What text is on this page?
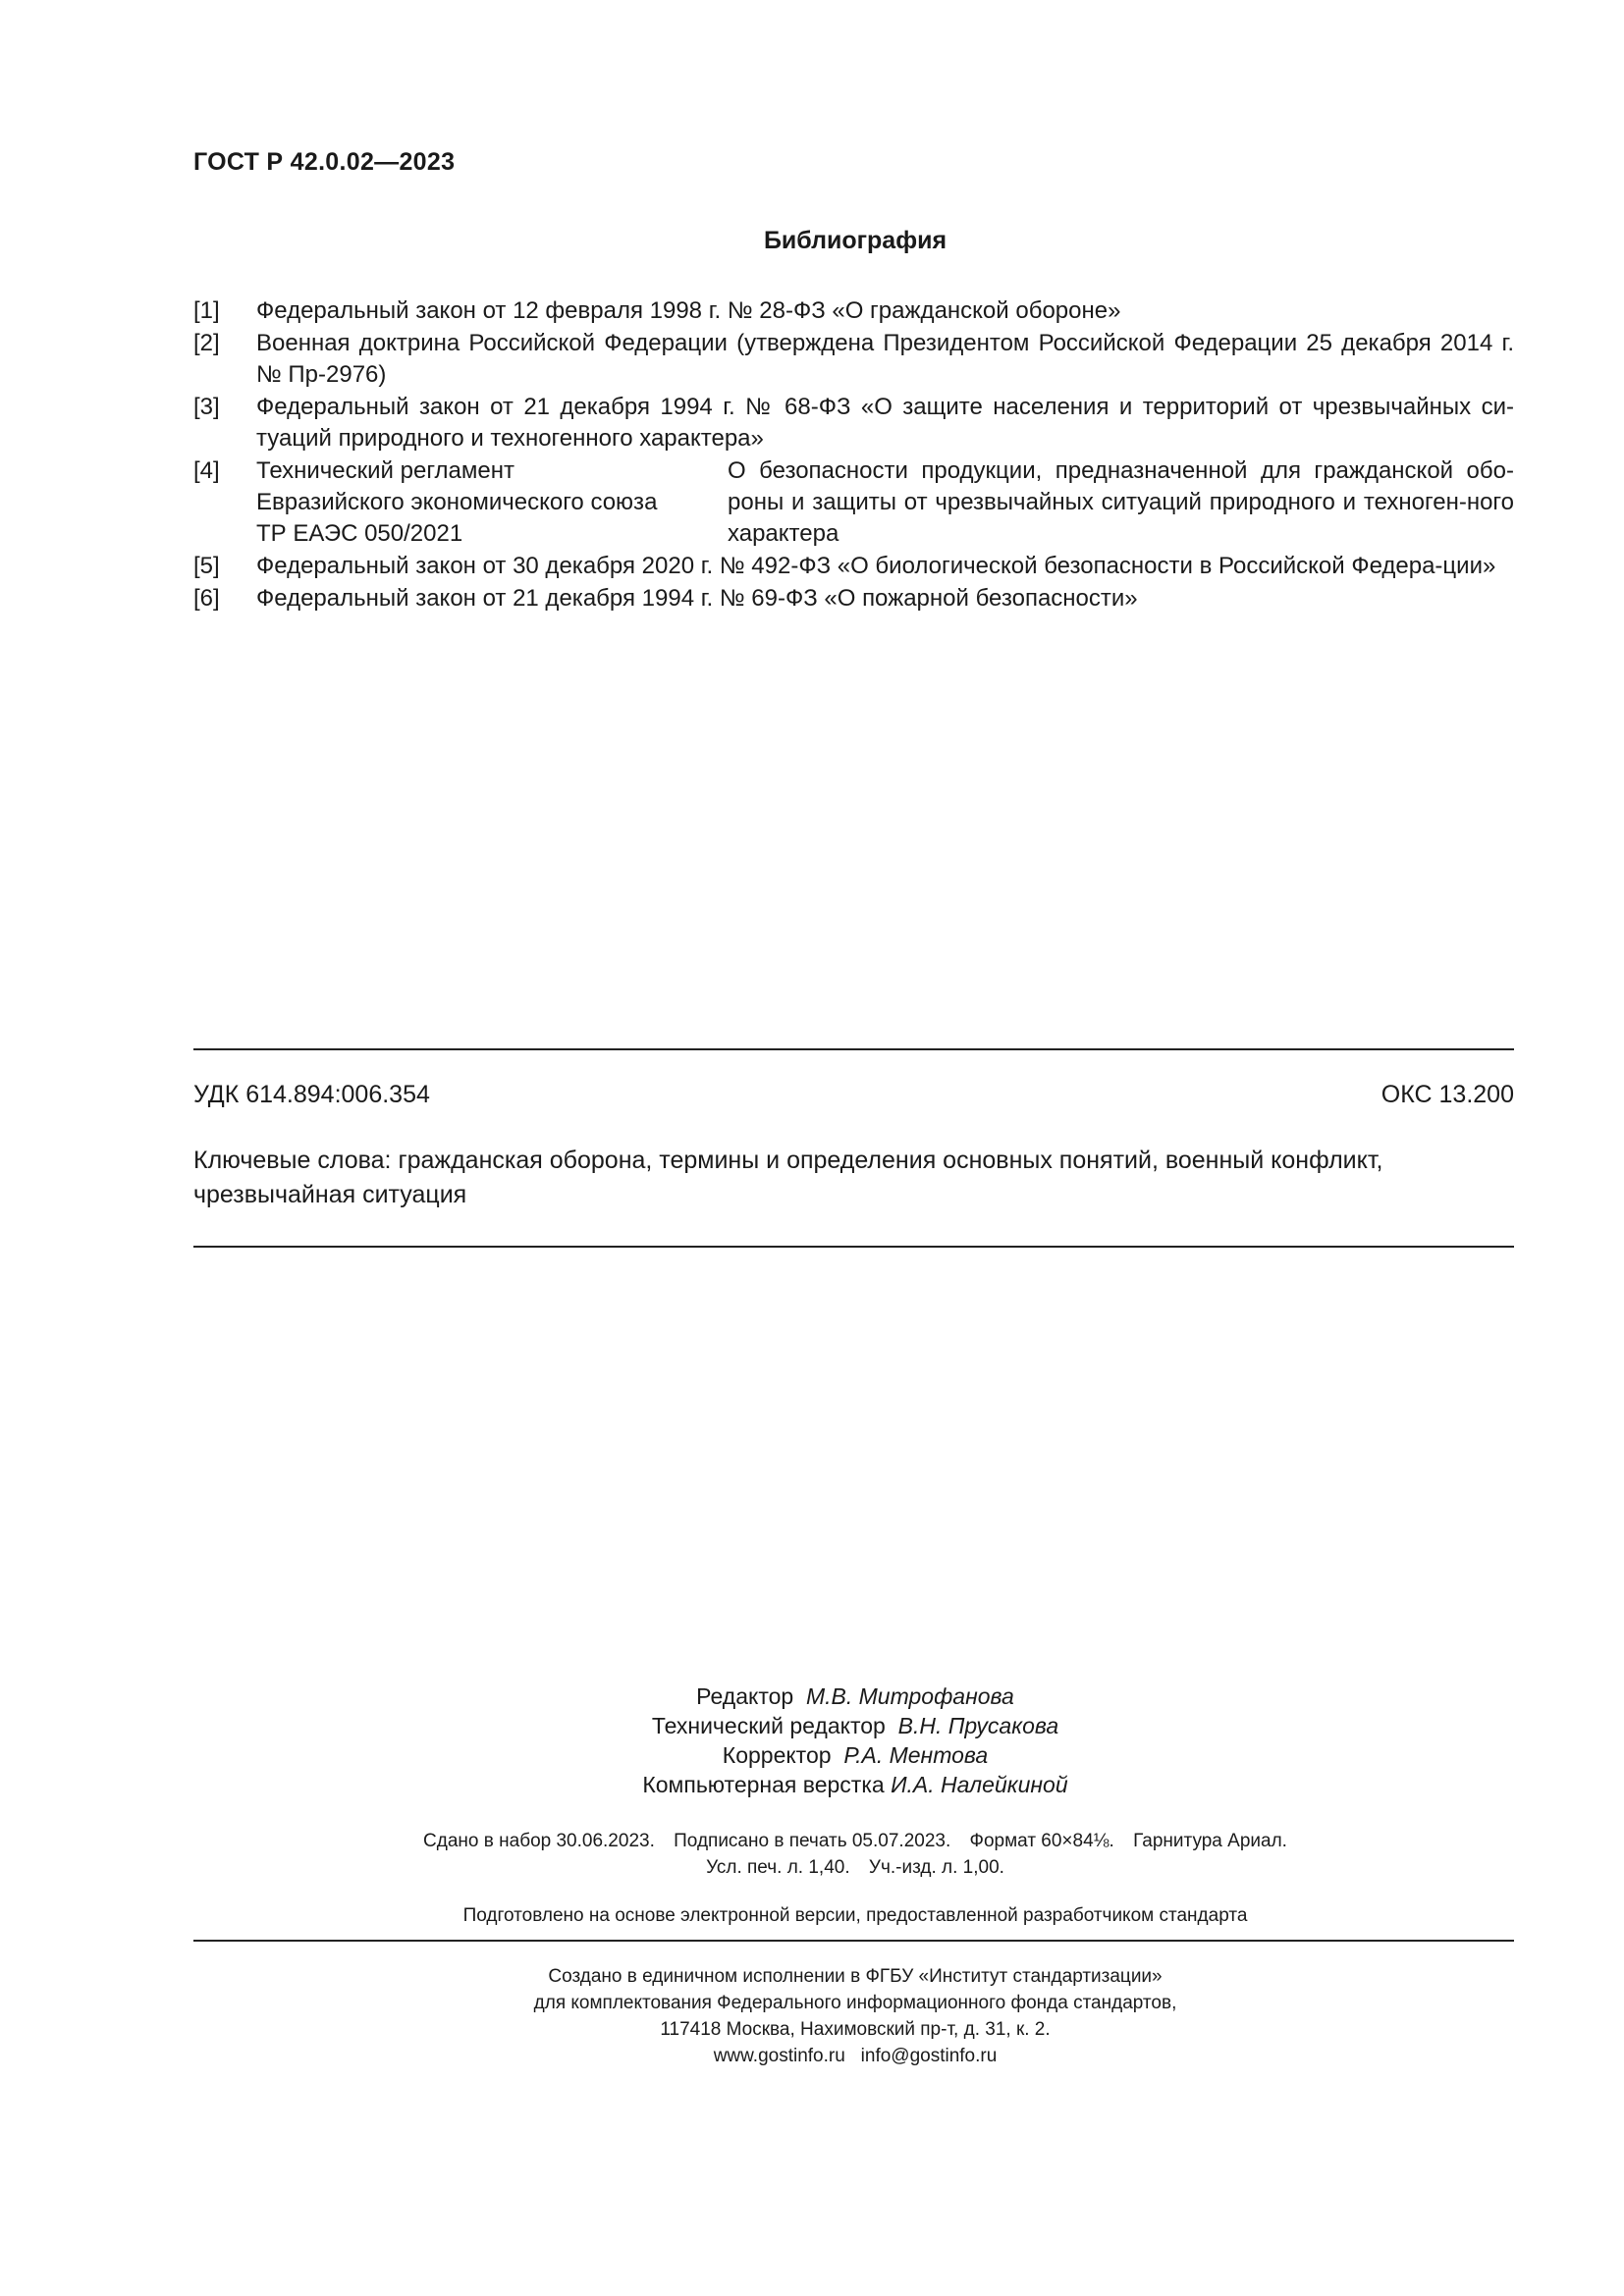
ГОСТ Р 42.0.02—2023
Библиография
[1] Федеральный закон от 12 февраля 1998 г. № 28-ФЗ «О гражданской обороне»
[2] Военная доктрина Российской Федерации (утверждена Президентом Российской Федерации 25 декабря 2014 г. № Пр-2976)
[3] Федеральный закон от 21 декабря 1994 г. № 68-ФЗ «О защите населения и территорий от чрезвычайных си-туаций природного и техногенного характера»
[4] Технический регламент
Евразийского экономического союза
ТР ЕАЭС 050/2021
О безопасности продукции, предназначенной для гражданской обо-роны и защиты от чрезвычайных ситуаций природного и техноген-ного характера
[5] Федеральный закон от 30 декабря 2020 г. № 492-ФЗ «О биологической безопасности в Российской Федера-ции»
[6] Федеральный закон от 21 декабря 1994 г. № 69-ФЗ «О пожарной безопасности»
УДК 614.894:006.354	ОКС 13.200
Ключевые слова: гражданская оборона, термины и определения основных понятий, военный конфликт, чрезвычайная ситуация
Редактор М.В. Митрофанова
Технический редактор В.Н. Прусакова
Корректор Р.А. Ментова
Компьютерная верстка И.А. Налейкиной
Сдано в набор 30.06.2023. Подписано в печать 05.07.2023. Формат 60×84⅛. Гарнитура Ариал.
Усл. печ. л. 1,40. Уч.-изд. л. 1,00.
Подготовлено на основе электронной версии, предоставленной разработчиком стандарта
Создано в единичном исполнении в ФГБУ «Институт стандартизации»
для комплектования Федерального информационного фонда стандартов,
117418 Москва, Нахимовский пр-т, д. 31, к. 2.
www.gostinfo.ru info@gostinfo.ru
